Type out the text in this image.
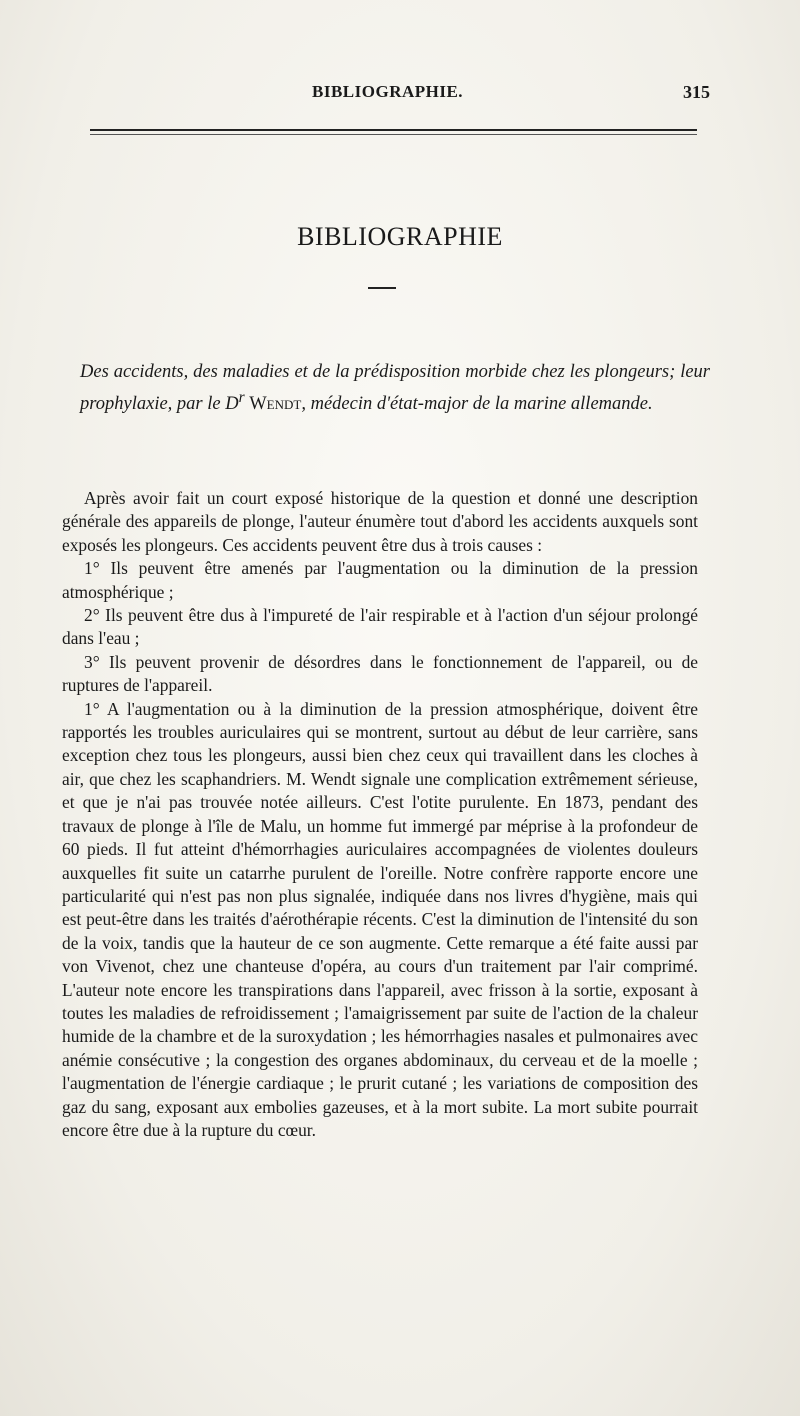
BIBLIOGRAPHIE.	315
BIBLIOGRAPHIE
Des accidents, des maladies et de la prédisposition morbide chez les plongeurs; leur prophylaxie, par le $D^r$ Wendt, médecin d'état-major de la marine allemande.

Après avoir fait un court exposé historique de la question et donné une description générale des appareils de plonge, l'auteur énumère tout d'abord les accidents auxquels sont exposés les plongeurs. Ces accidents peuvent être dus à trois causes :

1° Ils peuvent être amenés par l'augmentation ou la diminution de la pression atmosphérique ;

2° Ils peuvent être dus à l'impureté de l'air respirable et à l'action d'un séjour prolongé dans l'eau ;

3° Ils peuvent provenir de désordres dans le fonctionnement de l'appareil, ou de ruptures de l'appareil.

1° A l'augmentation ou à la diminution de la pression atmosphérique, doivent être rapportés les troubles auriculaires qui se montrent, surtout au début de leur carrière, sans exception chez tous les plongeurs, aussi bien chez ceux qui travaillent dans les cloches à air, que chez les scaphandriers. M. Wendt signale une complication extrêmement sérieuse, et que je n'ai pas trouvée notée ailleurs. C'est l'otite purulente. En 1873, pendant des travaux de plonge à l'île de Malu, un homme fut immergé par méprise à la profondeur de 60 pieds. Il fut atteint d'hémorrhagies auriculaires accompagnées de violentes douleurs auxquelles fit suite un catarrhe purulent de l'oreille. Notre confrère rapporte encore une particularité qui n'est pas non plus signalée, indiquée dans nos livres d'hygiène, mais qui est peut-être dans les traités d'aérothérapie récents. C'est la diminution de l'intensité du son de la voix, tandis que la hauteur de ce son augmente. Cette remarque a été faite aussi par von Vivenot, chez une chanteuse d'opéra, au cours d'un traitement par l'air comprimé. L'auteur note encore les transpirations dans l'appareil, avec frisson à la sortie, exposant à toutes les maladies de refroidissement ; l'amaigrissement par suite de l'action de la chaleur humide de la chambre et de la suroxydation ; les hémorrhagies nasales et pulmonaires avec anémie consécutive ; la congestion des organes abdominaux, du cerveau et de la moelle ; l'augmentation de l'énergie cardiaque ; le prurit cutané ; les variations de composition des gaz du sang, exposant aux embolies gazeuses, et à la mort subite. La mort subite pourrait encore être due à la rupture du cœur.
